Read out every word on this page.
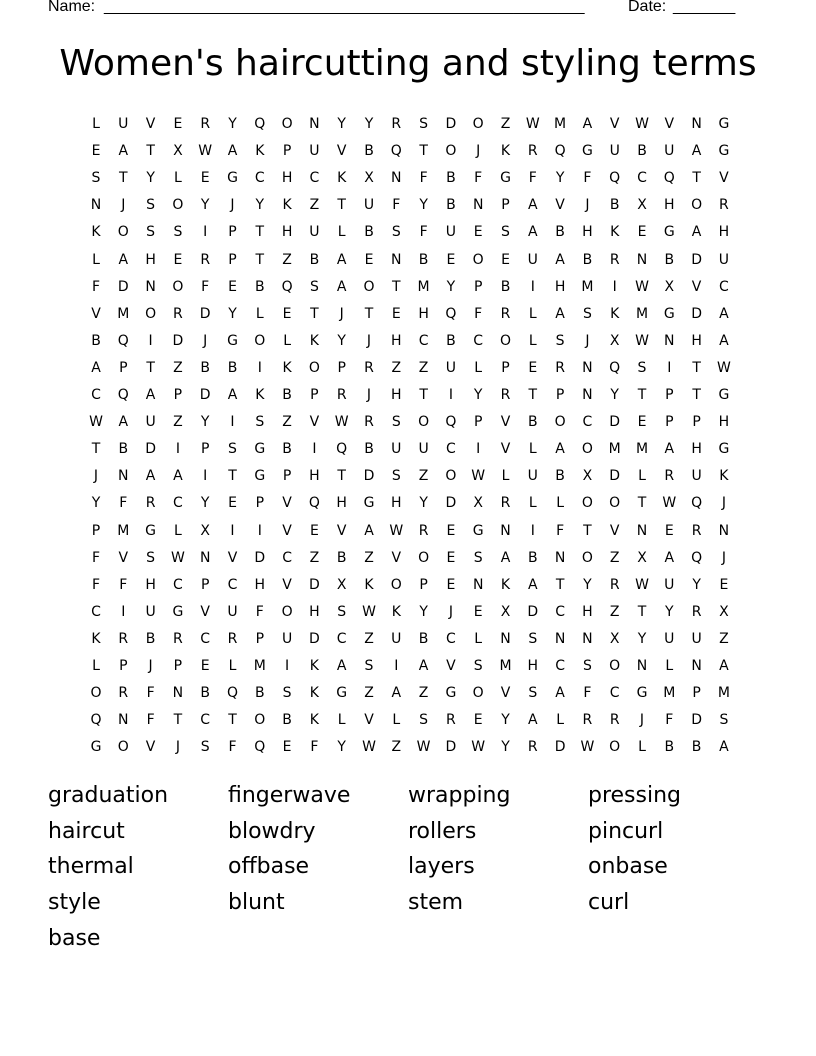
Name: ______________________________________________________	Date: _______
Women's haircutting and styling terms
L	U	V	E	R	Y	Q	O	N	Y	Y	R	S	D	O	Z	W	M	A	V	W	V	N	G
E	A	T	X	W	A	K	P	U	V	B	Q	T	O	J	K	R	Q	G	U	B	U	A	G
S	T	Y	L	E	G	C	H	C	K	X	N	F	B	F	G	F	Y	F	Q	C	Q	T	V
N	J	S	O	Y	J	Y	K	Z	T	U	F	Y	B	N	P	A	V	J	B	X	H	O	R
K	O	S	S	I	P	T	H	U	L	B	S	F	U	E	S	A	B	H	K	E	G	A	H
L	A	H	E	R	P	T	Z	B	A	E	N	B	E	O	E	U	A	B	R	N	B	D	U
F	D	N	O	F	E	B	Q	S	A	O	T	M	Y	P	B	I	H	M	I	W	X	V	C
V	M	O	R	D	Y	L	E	T	J	T	E	H	Q	F	R	L	A	S	K	M	G	D	A
B	Q	I	D	J	G	O	L	K	Y	J	H	C	B	C	O	L	S	J	X	W	N	H	A
A	P	T	Z	B	B	I	K	O	P	R	Z	Z	U	L	P	E	R	N	Q	S	I	T	W
C	Q	A	P	D	A	K	B	P	R	J	H	T	I	Y	R	T	P	N	Y	T	P	T	G
W	A	U	Z	Y	I	S	Z	V	W	R	S	O	Q	P	V	B	O	C	D	E	P	P	H
T	B	D	I	P	S	G	B	I	Q	B	U	U	C	I	V	L	A	O	M	M	A	H	G
J	N	A	A	I	T	G	P	H	T	D	S	Z	O	W	L	U	B	X	D	L	R	U	K
Y	F	R	C	Y	E	P	V	Q	H	G	H	Y	D	X	R	L	L	O	O	T	W	Q	J
P	M	G	L	X	I	I	V	E	V	A	W	R	E	G	N	I	F	T	V	N	E	R	N
F	V	S	W	N	V	D	C	Z	B	Z	V	O	E	S	A	B	N	O	Z	X	A	Q	J
F	F	H	C	P	C	H	V	D	X	K	O	P	E	N	K	A	T	Y	R	W	U	Y	E
C	I	U	G	V	U	F	O	H	S	W	K	Y	J	E	X	D	C	H	Z	T	Y	R	X
K	R	B	R	C	R	P	U	D	C	Z	U	B	C	L	N	S	N	N	X	Y	U	U	Z
L	P	J	P	E	L	M	I	K	A	S	I	A	V	S	M	H	C	S	O	N	L	N	A
O	R	F	N	B	Q	B	S	K	G	Z	A	Z	G	O	V	S	A	F	C	G	M	P	M
Q	N	F	T	C	T	O	B	K	L	V	L	S	R	E	Y	A	L	R	R	J	F	D	S
G	O	V	J	S	F	Q	E	F	Y	W	Z	W	D	W	Y	R	D	W	O	L	B	B	A
graduation	fingerwave	wrapping	pressing
haircut	blowdry	rollers	pincurl
thermal	offbase	layers	onbase
style	blunt	stem	curl
base
